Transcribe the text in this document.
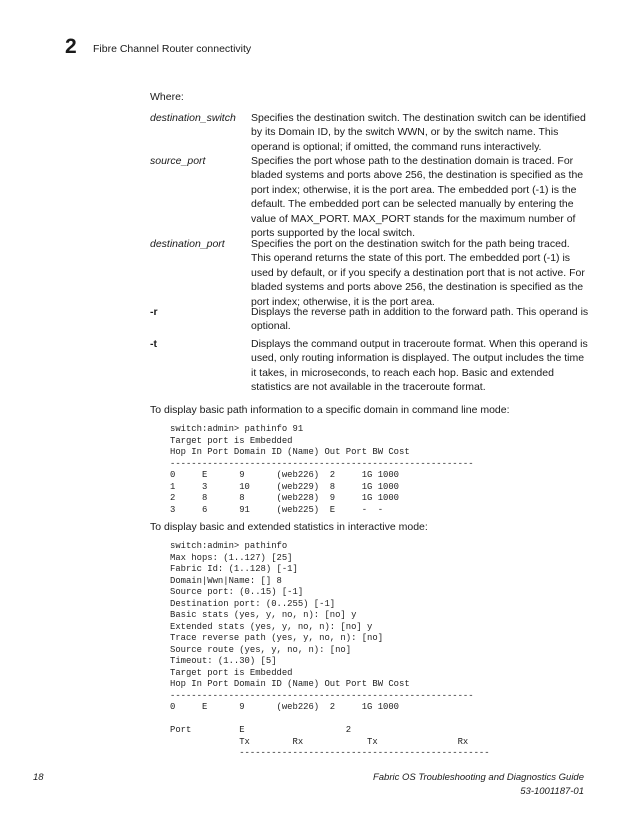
2 Fibre Channel Router connectivity
Where:
destination_switch	Specifies the destination switch. The destination switch can be identified by its Domain ID, by the switch WWN, or by the switch name. This operand is optional; if omitted, the command runs interactively.
source_port	Specifies the port whose path to the destination domain is traced. For bladed systems and ports above 256, the destination is specified as the port index; otherwise, it is the port area. The embedded port (-1) is the default. The embedded port can be selected manually by entering the value of MAX_PORT. MAX_PORT stands for the maximum number of ports supported by the local switch.
destination_port	Specifies the port on the destination switch for the path being traced. This operand returns the state of this port. The embedded port (-1) is used by default, or if you specify a destination port that is not active. For bladed systems and ports above 256, the destination is specified as the port index; otherwise, it is the port area.
-r	Displays the reverse path in addition to the forward path. This operand is optional.
-t	Displays the command output in traceroute format. When this operand is used, only routing information is displayed. The output includes the time it takes, in microseconds, to reach each hop. Basic and extended statistics are not available in the traceroute format.
To display basic path information to a specific domain in command line mode:
switch:admin> pathinfo 91
Target port is Embedded
Hop In Port Domain ID (Name) Out Port BW Cost
---------------------------------------------------------
0     E      9      (web226)  2     1G 1000
1     3      10     (web229)  8     1G 1000
2     8      8      (web228)  9     1G 1000
3     6      91     (web225)  E     -  -
To display basic and extended statistics in interactive mode:
switch:admin> pathinfo
Max hops: (1..127) [25]
Fabric Id: (1..128) [-1]
Domain|Wwn|Name: [] 8
Source port: (0..15) [-1]
Destination port: (0..255) [-1]
Basic stats (yes, y, no, n): [no] y
Extended stats (yes, y, no, n): [no] y
Trace reverse path (yes, y, no, n): [no]
Source route (yes, y, no, n): [no]
Timeout: (1..30) [5]
Target port is Embedded
Hop In Port Domain ID (Name) Out Port BW Cost
---------------------------------------------------------
0     E      9      (web226)  2     1G 1000

Port         E                   2
Tx        Rx            Tx               Rx
-----------------------------------------------
18	Fabric OS Troubleshooting and Diagnostics Guide
53-1001187-01
